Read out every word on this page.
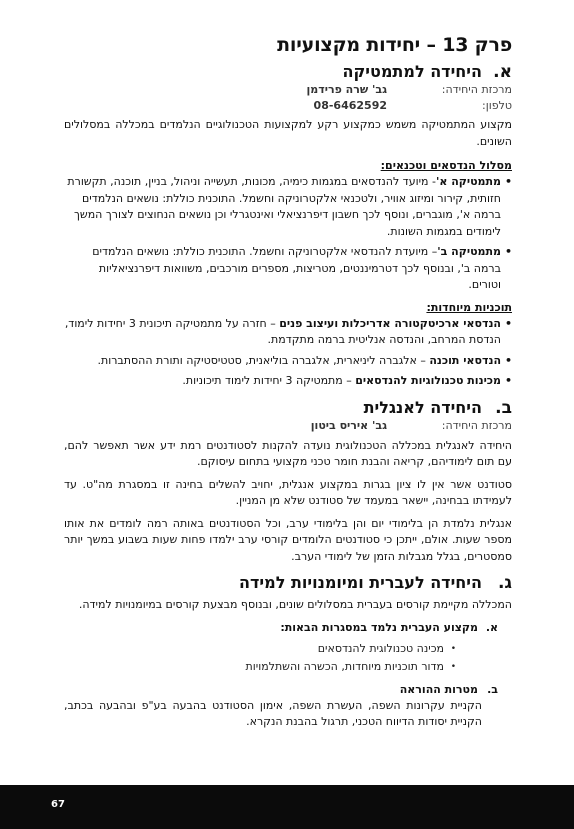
פרק 13 – יחידות מקצועיות
א.
היחידה למתמטיקה
מרכזת היחידה:
גב' שרה פרידמן
טלפון:
08-6462592

מקצוע המתמטיקה משמש כמקצוע רקע למקצועות הטכנולוגיים הנלמדים במכללה במסלולים השונים.

מסלול הנדסאים וטכנאים:
• מתמטיקה א'- מיועד להנדסאים במגמות כימיה, מכונות, תעשייה וניהול, בניין, תוכנה, תקשורת חזותית, קירור ומיזוג אוויר, ולטכנאי אלקטרוניקה וחשמל. התוכנית כוללת: נושאים הנלמדים ברמה א', מוגברים, ונוסף לכך חשבון דיפרנציאלי ואינטגרלי וכן נושאים הנחוצים לצורך המשך לימודים במגמות השונות.
• מתמטיקה ב'– מיועדת להנדסאי אלקטרוניקה וחשמל. התוכנית כוללת: נושאים הנלמדים ברמה ב', ובנוסף לכך דטרמיננטים, מטריצות, מספרים מורכבים, משוואות דיפרנציאליות וטורים.
תוכניות מיוחדות:
• הנדסאי ארכיטקטורה אדריכלות ועיצוב פנים – חזרה על מתמטיקה תיכונית 3 יחידות לימוד, הנדסת המרחב, והנדסה אנליטית ברמה מתקדמת.
• הנדסאי תוכנה – אלגברה ליניארית, אלגברה בוליאנית, סטטיסטיקה ותורת ההסתברות.
• מכינות טכנולוגיות להנדסאים – מתמטיקה 3 יחידות לימוד תיכוניות.
ב.
היחידה לאנגלית
מרכזת היחידה:
גב' איריס ביטון

היחידה לאנגלית במכללה הטכנולוגית נועדה להקנות לסטודנטים רמת ידע אשר תאפשר להם, עם תום לימודיהם, קריאה והבנת חומר טכני מקצועי בתחום עיסוקם.

סטודנט אשר אין לו ציון בגרות במקצוע אנגלית, יחויב להשלים בחינה זו במסגרת מה"ט. עד לעמידתו בבחינה, יישאר במעמד של סטודנט שלא מן המניין.

אנגלית נלמדת הן בלימודי יום והן בלימודי ערב, וכל הסטודנטים באותה רמה לומדים את אותו מספר שעות. אולם, ייתכן כי סטודנטים הלומדים קורסי ערב ילמדו פחות שעות בשבוע במשך יותר סמסטרים, בגלל מגבלות הזמן של לימודי הערב.

ג.
היחידה לעברית ומיומנויות למידה

המכללה מקיימת קורסים בעברית במסלולים שונים, ובנוסף מבצעת קורסים במיומנויות למידה.

א.
מקצוע העברית נלמד במסגרות הבאות:
• מכינה טכנולוגית להנדסאים
• מדור תוכניות מיוחדות, הכשרה והשתלמויות
ב.
מטרות ההוראה

הקניית עקרונות השפה, העשרת השפה, אימון הסטודנט בהבעה בע"פ ובהבעה בכתב, הקניית יסודות הדיווח הטכני, תרגול בהבנת הנקרא.

67
